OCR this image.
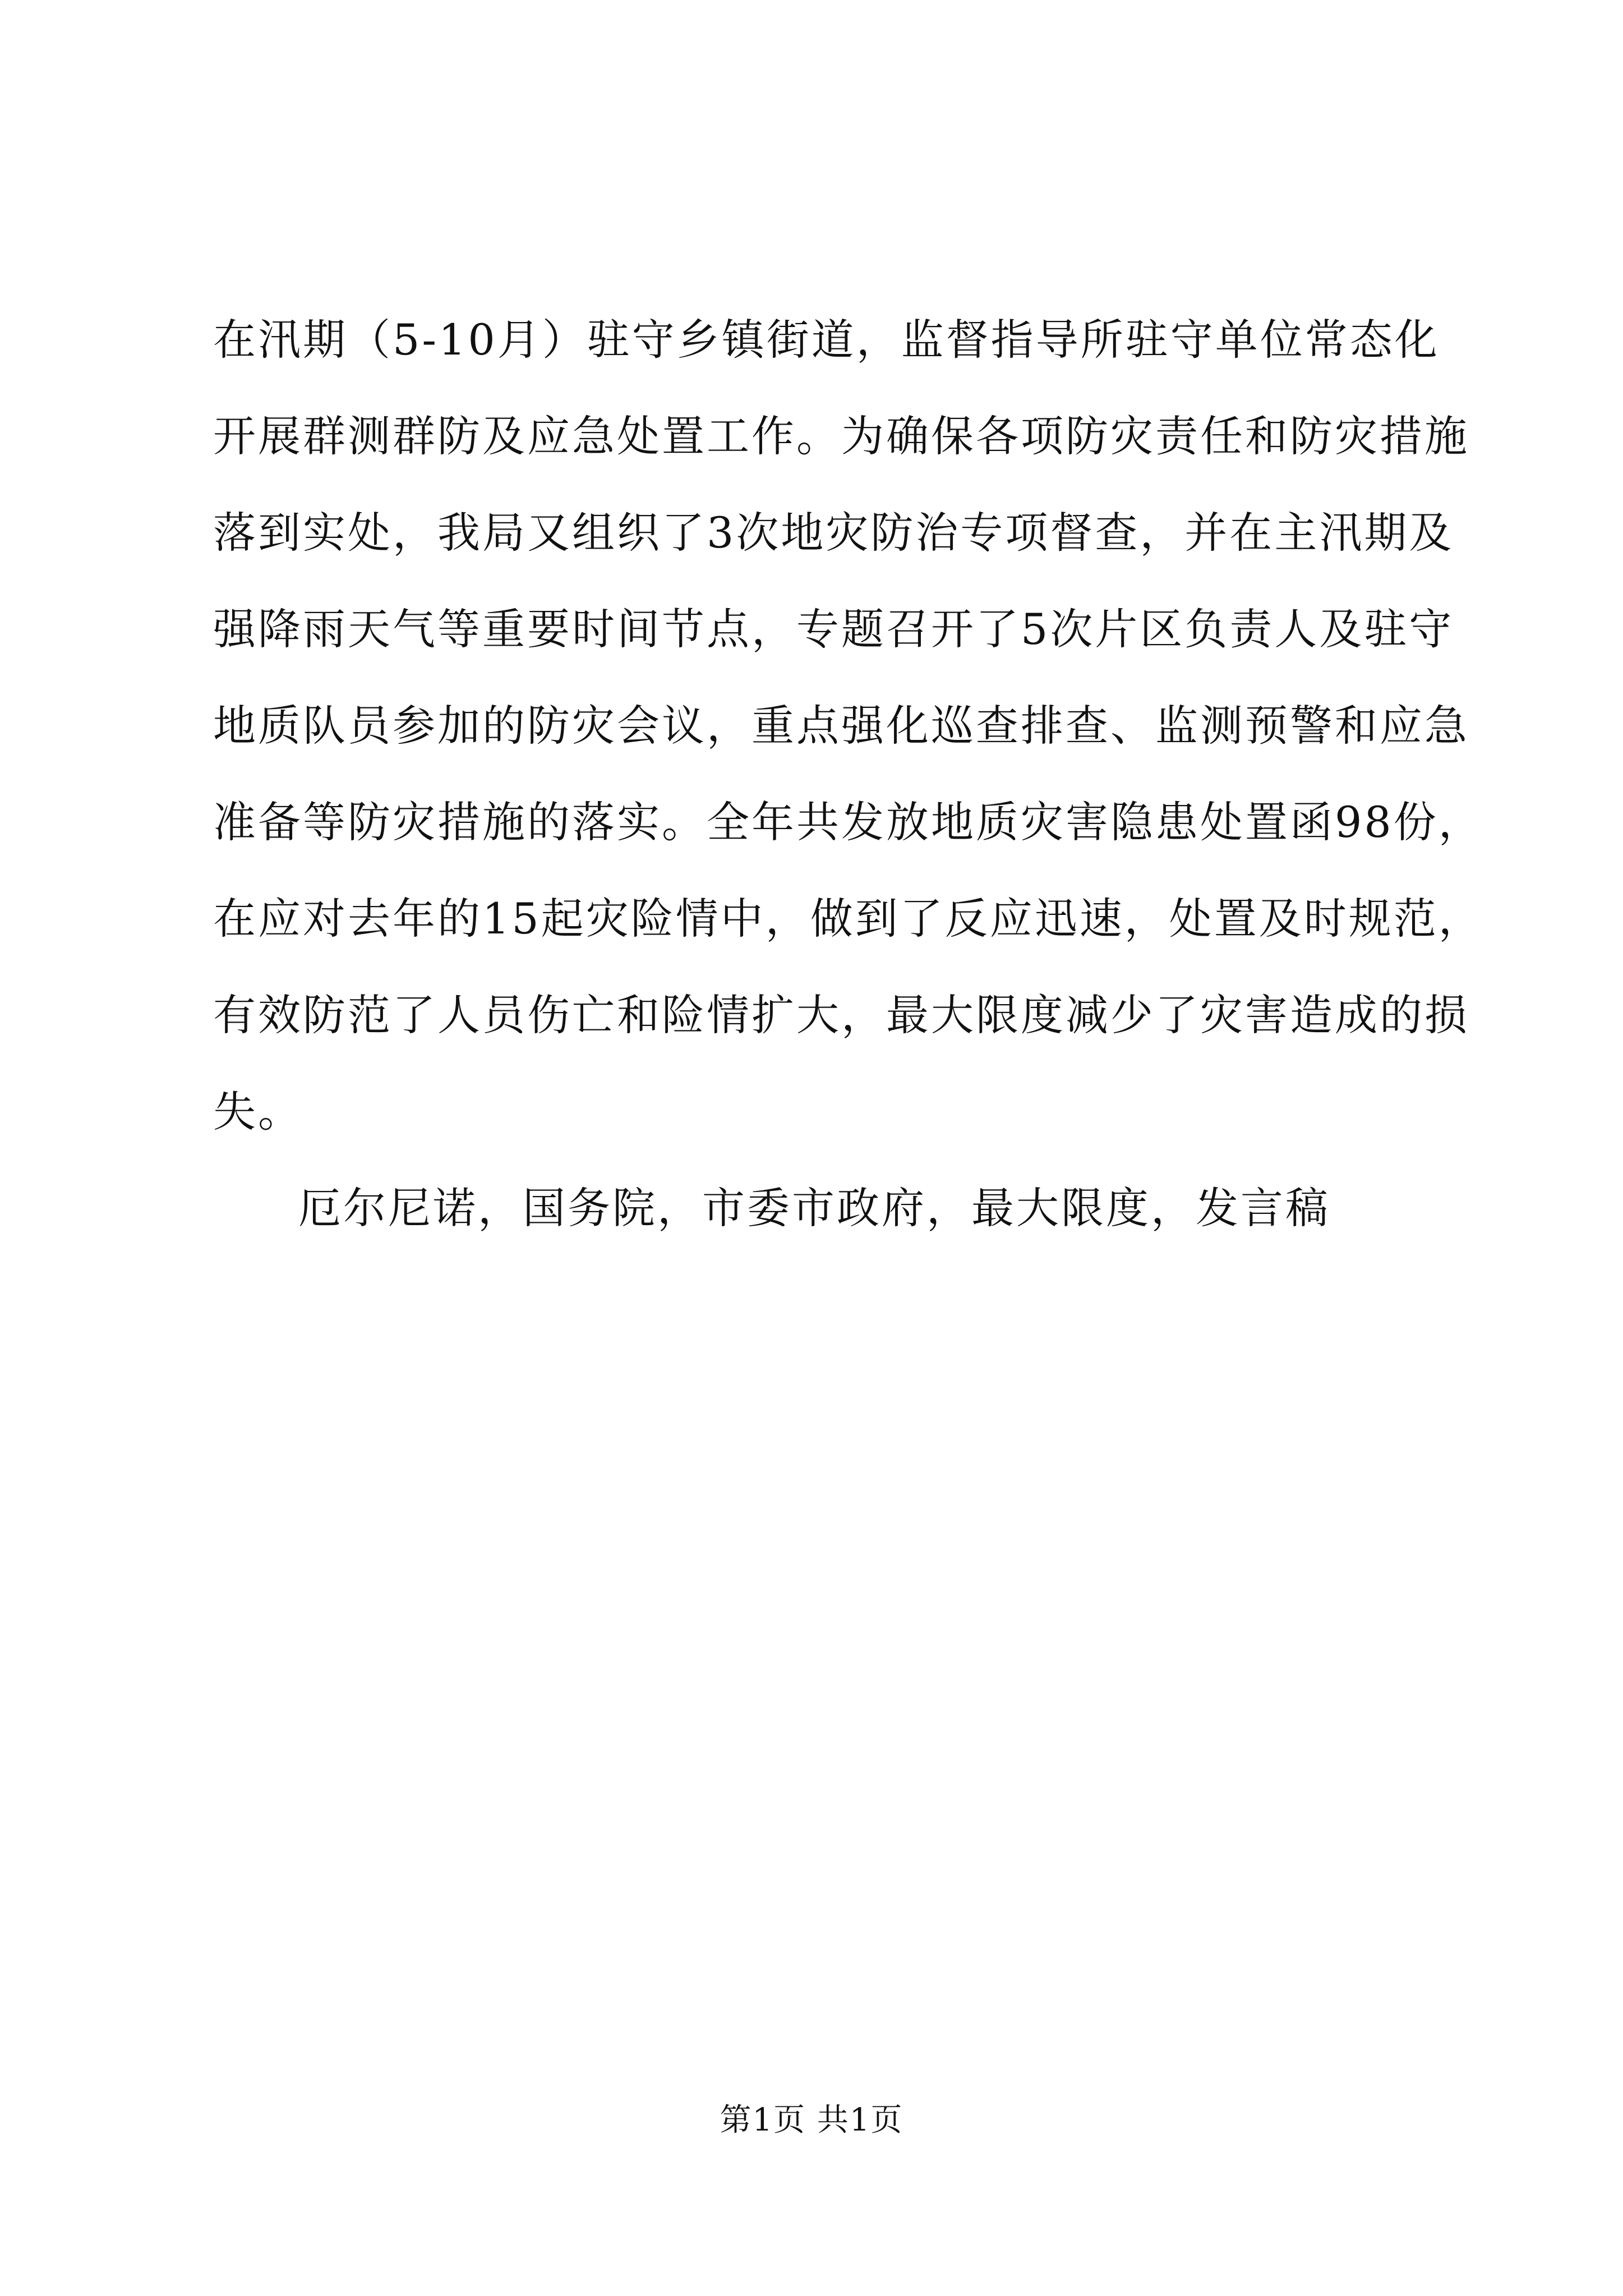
在汛期（5-10月）驻守乡镇街道，监督指导所驻守单位常态化
开展群测群防及应急处置工作。为确保各项防灾责任和防灾措施
落到实处，我局又组织了3次地灾防治专项督查，并在主汛期及
强降雨天气等重要时间节点，专题召开了5次片区负责人及驻守
地质队员参加的防灾会议，重点强化巡查排查、监测预警和应急
准备等防灾措施的落实。全年共发放地质灾害隐患处置函98份，
在应对去年的15起灾险情中，做到了反应迅速，处置及时规范，
有效防范了人员伤亡和险情扩大，最大限度减少了灾害造成的损
失。
厄尔尼诺，国务院，市委市政府，最大限度，发言稿
第1页 共1页
